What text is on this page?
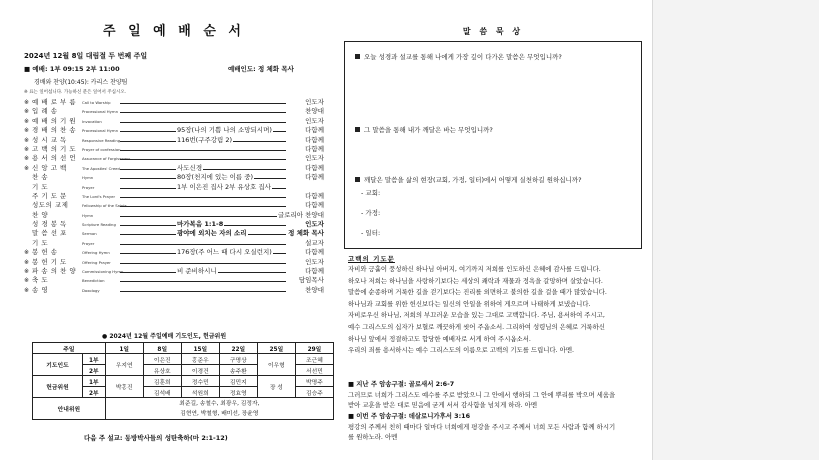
주 일 예 배 순 서
2024년 12월 8일 대림절 두 번째 주일
■ 예배: 1부 09:15 2부 11:00	예배인도: 정 체화 목사
경배와 찬양(10:45): 카리스 찬양팀
※ 표는 일어섭니다. 가능하신 분은 일어서 주십시오.
※ 예 배 로 부 름 Call to Worship	인도자
※ 입 례 송	Processional Hymn	찬양대
※ 예 배 의 기 원 Invocation	인도자
※ 경 배 의 찬 송 Processional Hymn	95장(나의 기쁨 나의 소망되시며)	다함께
※ 성 시 교 독	Responsive Reading	116번(구주강림 2)	다함께
※ 고 백 의 기 도 Prayer of confession	다함께
※ 용 서 의 선 언 Assurance of Forgiveness	인도자
※ 신 앙 고 백	The Apostles' Creed	사도신경	다함께
찬 송	Hymn	80장(천지에 있는 이름 중)	다함께
기 도	Prayer	1부 이은진 집사 2부 유상호 집사
주 기 도 문	The Lord's Prayer	다함께
성도의 교제	Fellowship of the Saints	다함께
찬 양	Hymn	글로리아 찬양대
성 경 봉 독	Scripture Reading	마가복음 1:1-8	인도자
말 씀 선 포	Sermon	광야에 외치는 자의 소리	정 체화 목사
기 도	Prayer	설교자
※ 봉 헌 송	Offering Hymn	176장(주 어느 때 다시 오실런지)	다함께
※ 봉 헌 기 도	Offering Prayer	인도자
※ 파 송 의 찬 양 Commissioning Hymn	비 준비하시니	다함께
※ 축 도	Benediction	담임목사
※ 송 영	Doxology	찬양대
● 2024년 12월 주일예배 기도인도, 헌금위원
주일		1일	8일	15일	22일	25일	29일
기도인도	1부	우지연	이은진	홍준우	구명상	이우형	조근혜
	2부		유상호	이경건	송주환		서선민
헌금위원	1부	박홍진	김훈희	정수민	김민지	장 성	박명주
	2부		김석배	석원희	정효영		김승주
안내위원		최준길, 송철수, 최광우, 김정자,
김현연, 박철형, 배미선, 장윤영					
다음 주 설교: 동방박사들의 성탄축하(마 2:1-12)
말 씀 묵 상
오늘 성경과 설교를 통해 나에게 가장 깊이 다가온 말씀은 무엇입니까?
그 말씀을 통해 내가 깨달은 바는 무엇입니까?
깨달은 말씀을 삶의 현장(교회, 가정, 일터)에서 어떻게 실천하길 원하십니까?
- 교회:
- 가정:
- 일터:
고백의 기도문

자비와 긍휼이 풍성하신 하나님 아버지, 여기까지 저희를 인도하신 은혜에 감사를 드립니다.

하오나 저희는 하나님을 사랑하기보다는 세상의 쾌락과 재물과 정욕을 갈망하며 살았습니다.

말씀에 순종하며 거룩한 길을 걷기보다는 진리를 외면하고 불의한 길을 걸을 때가 많았습니다.

하나님과 교회를 위한 헌신보다는 일신의 안일을 위하여 게으르며 나태하게 보냈습니다.

자비로우신 하나님, 저희의 부끄러운 모습을 있는 그대로 고백합니다. 주님, 용서하여 주시고,

예수 그리스도의 십자가 보혈로 깨끗하게 씻어 주옵소서. 그리하여 성령님의 은혜로 거룩하신

하나님 앞에서 정결하고도 합당한 예배자로 서게 하여 주시옵소서.

우리의 죄를 용서하시는 예수 그리스도의 이름으로 고백의 기도를 드립니다. 아멘.

■ 지난 주 암송구절: 골로새서 2:6-7
그러므로 너희가 그리스도 예수를 주로 받았으니 그 안에서 행하되 그 안에 뿌리를 박으며 세움을
받아 교훈을 받은 대로 믿음에 굳게 서서 감사함을 넘치게 하라. 아멘
■ 이번 주 암송구절: 데살로니가후서 3:16
평강의 주께서 친히 때마다 일마다 너희에게 평강을 주시고 주께서 너희 모든 사람과 함께 하시기
를 원하노라. 아멘
